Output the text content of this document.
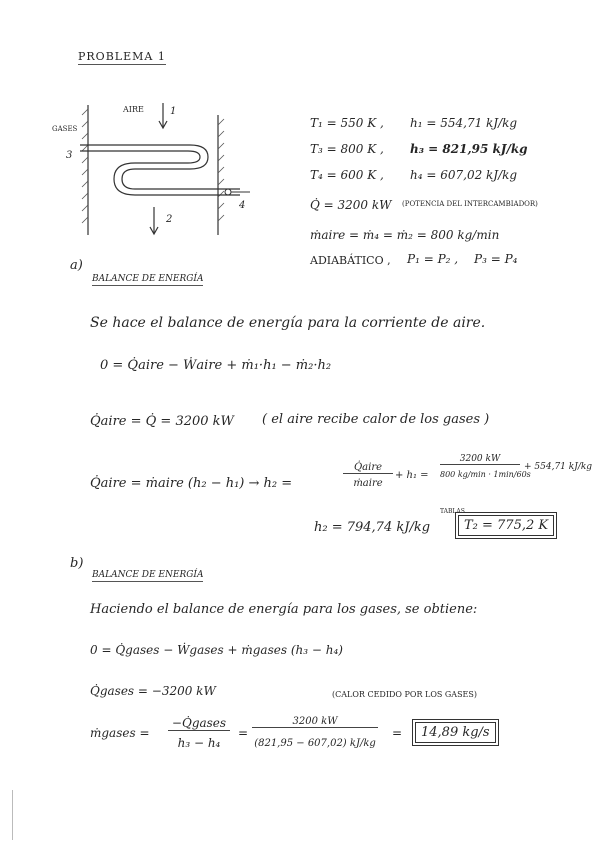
PROBLEMA 1
AIRE	1
GASES
3
2
4
T₁ = 550 K , h₁ = 554,71 kJ/kg
T₃ = 800 K , h₃ = 821,95 kJ/kg
T₄ = 600 K , h₄ = 607,02 kJ/kg
Q̇ = 3200 kW (POTENCIA DEL INTERCAMBIADOR)
ṁaire = ṁ₄ = ṁ₂ = 800 kg/min
ADIABÁTICO , P₁ = P₂ , P₃ = P₄
a)
BALANCE DE ENERGÍA
Se hace el balance de energía para la corriente de aire.
0 = Q̇aire − Ẇaire + ṁ₁·h₁ − ṁ₂·h₂
Q̇aire = Q̇ = 3200 kW ( el aire recibe calor de los gases )
Q̇aire = ṁaire (h₂ − h₁) → h₂ =
Q̇aire
ṁaire
+ h₁ =
3200 kW
800 kg/min · 1min/60s
+ 554,71 kJ/kg
h₂ = 794,74 kJ/kg
TABLAS
T₂ = 775,2 K
b)
BALANCE DE ENERGÍA
Haciendo el balance de energía para los gases, se obtiene:
0 = Q̇gases − Ẇgases + ṁgases (h₃ − h₄)
Q̇gases = −3200 kW	(CALOR CEDIDO POR LOS GASES)
ṁgases =
−Q̇gases
h₃ − h₄
=
3200 kW
(821,95 − 607,02) kJ/kg
=	14,89 kg/s
